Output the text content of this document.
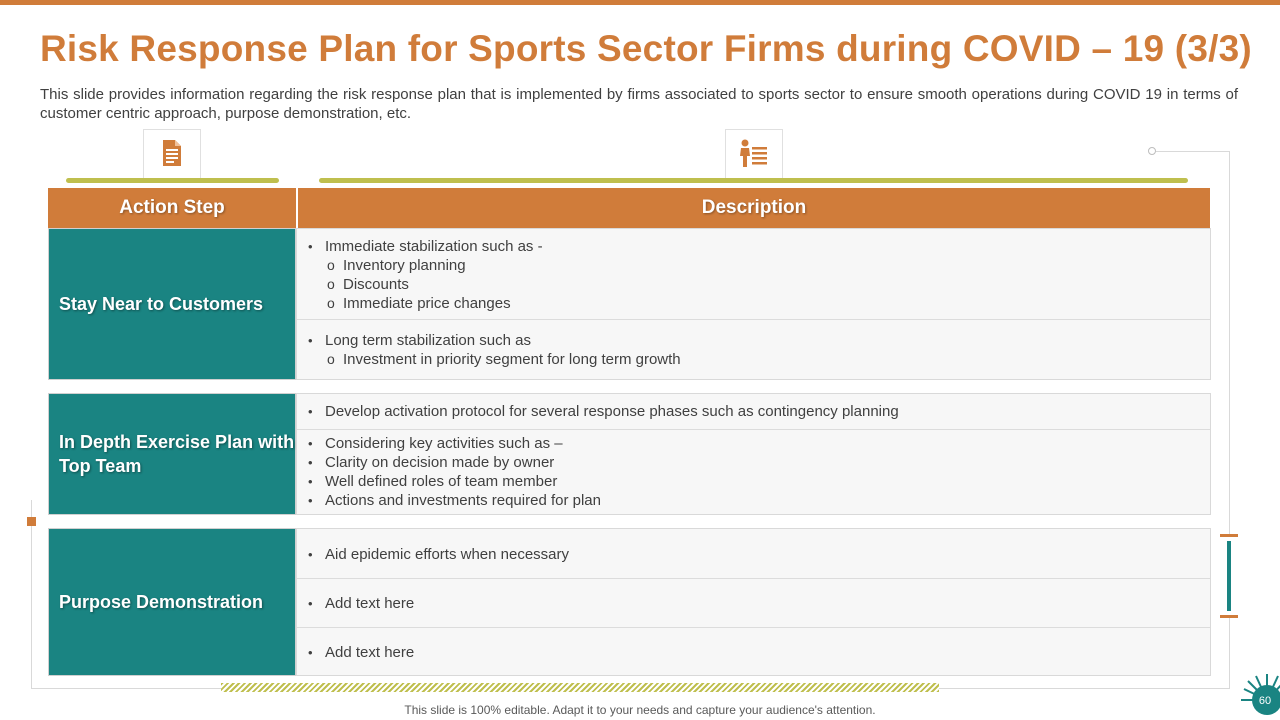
Risk Response Plan for Sports Sector Firms during COVID – 19 (3/3)
This slide provides information regarding the risk response plan that is implemented by firms associated to sports sector to ensure smooth operations during COVID 19 in terms of customer centric approach, purpose demonstration, etc.
Action Step	Description
Stay Near to Customers
• Immediate stabilization such as -
o Inventory planning
o Discounts
o Immediate price changes
• Long term stabilization such as
o Investment in priority segment for long term growth
In Depth Exercise Plan with Top Team
• Develop activation protocol for several response phases such as contingency planning
• Considering key activities such as –
• Clarity on decision made by owner
• Well defined roles of team member
• Actions and investments required for plan
Purpose Demonstration
• Aid epidemic efforts when necessary
• Add text here
• Add text here
This slide is 100% editable. Adapt it to your needs and capture your audience's attention.
60
